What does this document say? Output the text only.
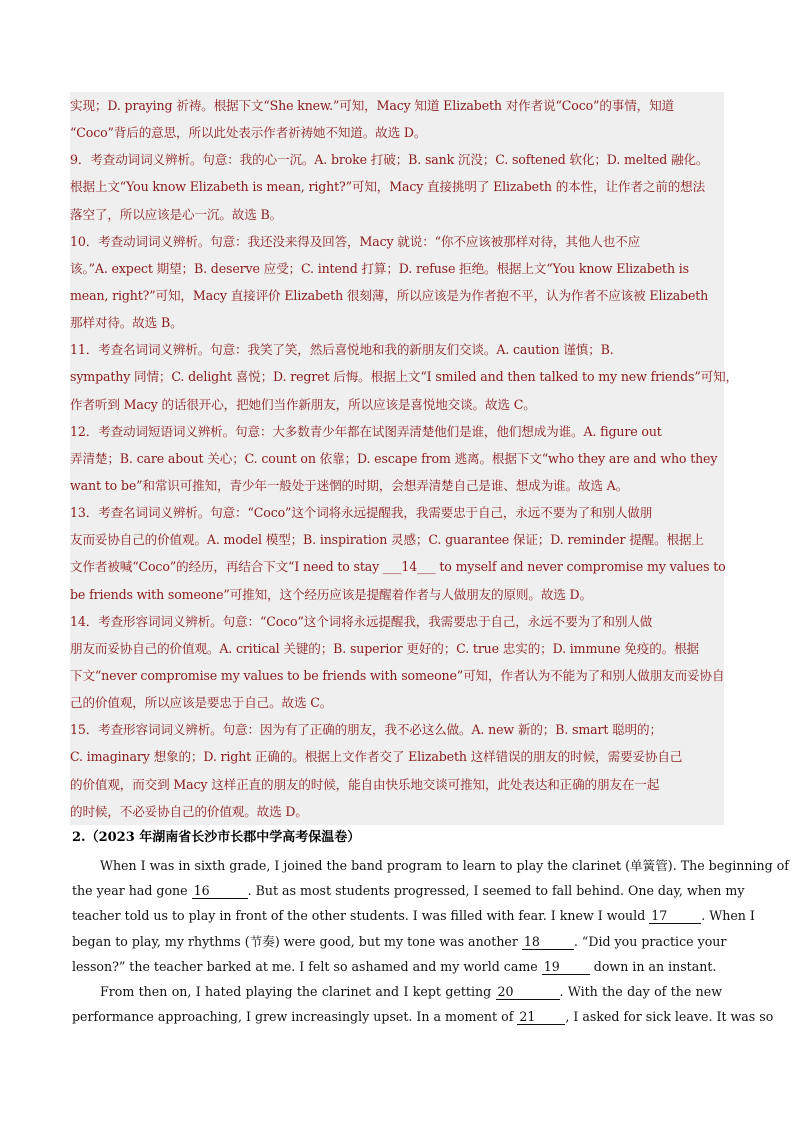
实现；D. praying 祈祷。根据下文“She knew.”可知，Macy 知道 Elizabeth 对作者说“Coco”的事情，知道
“Coco”背后的意思，所以此处表示作者祈祷她不知道。故选 D。
9．考查动词词义辨析。句意：我的心一沉。A. broke 打破；B. sank 沉没；C. softened 软化；D. melted 融化。
根据上文“You know Elizabeth is mean, right?”可知，Macy 直接挑明了 Elizabeth 的本性，让作者之前的想法
落空了，所以应该是心一沉。故选 B。
10．考查动词词义辨析。句意：我还没来得及回答，Macy 就说：“你不应该被那样对待，其他人也不应
该。”A. expect 期望；B. deserve 应受；C. intend 打算；D. refuse 拒绝。根据上文“You know Elizabeth is
mean, right?”可知，Macy 直接评价 Elizabeth 很刻薄，所以应该是为作者抱不平，认为作者不应该被 Elizabeth
那样对待。故选 B。
11．考查名词词义辨析。句意：我笑了笑，然后喜悦地和我的新朋友们交谈。A. caution 谨慎；B.
sympathy 同情；C. delight 喜悦；D. regret 后悔。根据上文“I smiled and then talked to my new friends”可知，
作者听到 Macy 的话很开心，把她们当作新朋友，所以应该是喜悦地交谈。故选 C。
12．考查动词短语词义辨析。句意：大多数青少年都在试图弄清楚他们是谁，他们想成为谁。A. figure out
弄清楚；B. care about 关心；C. count on 依靠；D. escape from 逃离。根据下文“who they are and who they
want to be”和常识可推知，青少年一般处于迷惘的时期，会想弄清楚自己是谁、想成为谁。故选 A。
13．考查名词词义辨析。句意：“Coco”这个词将永远提醒我，我需要忠于自己，永远不要为了和别人做朋
友而妥协自己的价值观。A. model 模型；B. inspiration 灵感；C. guarantee 保证；D. reminder 提醒。根据上
文作者被喊“Coco”的经历，再结合下文“I need to stay ___14___ to myself and never compromise my values to
be friends with someone”可推知，这个经历应该是提醒着作者与人做朋友的原则。故选 D。
14．考查形容词词义辨析。句意：“Coco”这个词将永远提醒我，我需要忠于自己，永远不要为了和别人做
朋友而妥协自己的价值观。A. critical 关键的；B. superior 更好的；C. true 忠实的；D. immune 免疫的。根据
下文“never compromise my values to be friends with someone”可知，作者认为不能为了和别人做朋友而妥协自
己的价值观，所以应该是要忠于自己。故选 C。
15．考查形容词词义辨析。句意：因为有了正确的朋友，我不必这么做。A. new 新的；B. smart 聪明的；
C. imaginary 想象的；D. right 正确的。根据上文作者交了 Elizabeth 这样错误的朋友的时候，需要妥协自己
的价值观，而交到 Macy 这样正直的朋友的时候，能自由快乐地交谈可推知，此处表达和正确的朋友在一起
的时候，不必妥协自己的价值观。故选 D。
2.（2023 年湖南省长沙市长郡中学高考保温卷）
When I was in sixth grade, I joined the band program to learn to play the clarinet (单簧管). The beginning of
the year had gone 16	. But as most students progressed, I seemed to fall behind. One day, when my
teacher told us to play in front of the other students. I was filled with fear. I knew I would 17	. When I
began to play, my rhythms (节奏) were good, but my tone was another 18	. “Did you practice your
lesson?” the teacher barked at me. I felt so ashamed and my world came 19 down in an instant.
From then on, I hated playing the clarinet and I kept getting 20	. With the day of the new
performance approaching, I grew increasingly upset. In a moment of 21 , I asked for sick leave. It was so
